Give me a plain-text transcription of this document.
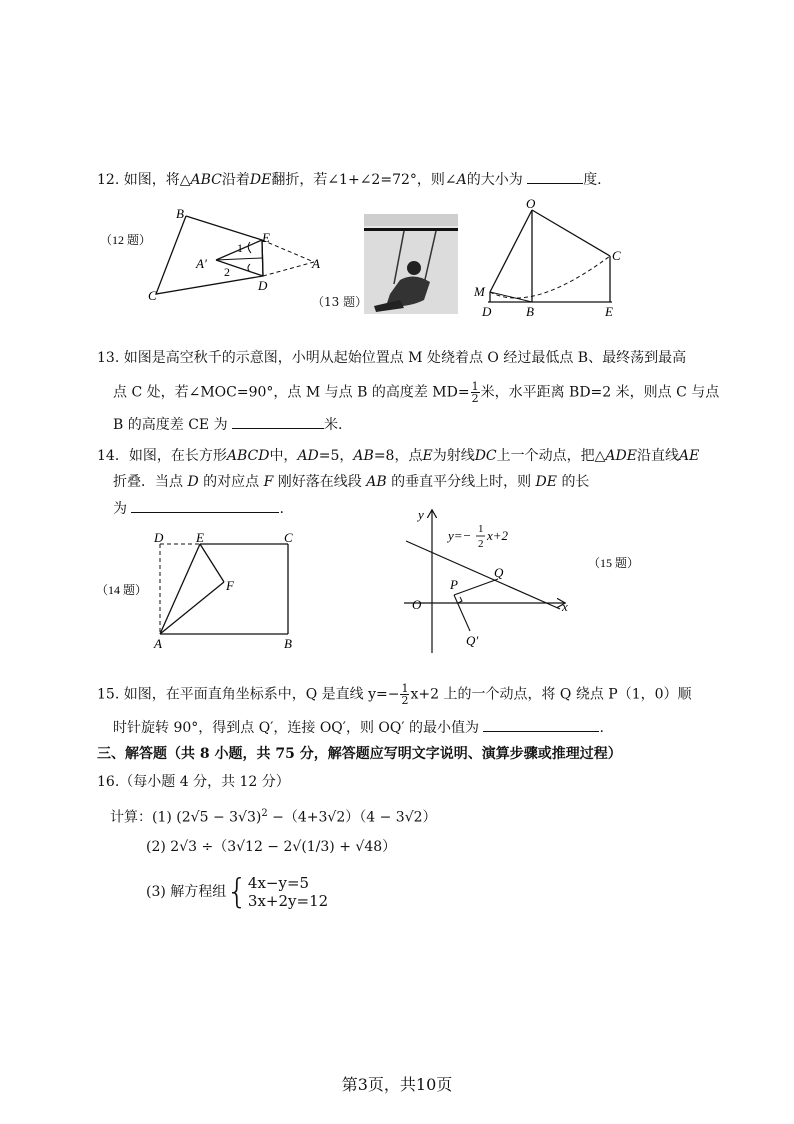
12. 如图，将△ABC沿着DE翻折，若∠1+∠2=72°，则∠A的大小为	度.
（12 题）
B
C
E
D
A
A′
1
2
（13 题）
O
M
D	B	E
C
13. 如图是高空秋千的示意图，小明从起始位置点 M 处绕着点 O 经过最低点 B、最终荡到最高
点 C 处，若∠MOC=90°，点 M 与点 B 的高度差 $MD= \frac{1}{2}$ 米，水平距离 BD=2 米，则点 C 与点
B 的高度差 CE 为	米.
14．如图，在长方形ABCD中，AD=5，AB=8，点E为射线DC上一个动点，把△ADE沿直线AE
折叠．当点 D 的对应点 F 刚好落在线段 AB 的垂直平分线上时，则 DE 的长
为	.
（14 题）
D	E	C
F
A	B
y
x
O
P
Q
Q′
y=− 1
2
x+2
（15 题）
15. 如图，在平面直角坐标系中，Q 是直线 $y=- \frac{1}{2} x+2$ 上的一个动点，将 Q 绕点 P（1，0）顺
时针旋转 90°，得到点 Q′，连接 OQ′，则 OQ′ 的最小值为	.
三、解答题（共 8 小题，共 75 分，解答题应写明文字说明、演算步骤或推理过程）
16.（每小题 4 分，共 12 分）
计算：(1) $(2√5 - 3√3)^2 -(4+3√2)(4 - 3√2)$
(2) 2√3 ÷（3√12 − 2√(1/3) + √48）
(3) 解方程组{ 4x−y=5
3x+2y=12
第3页，共10页
